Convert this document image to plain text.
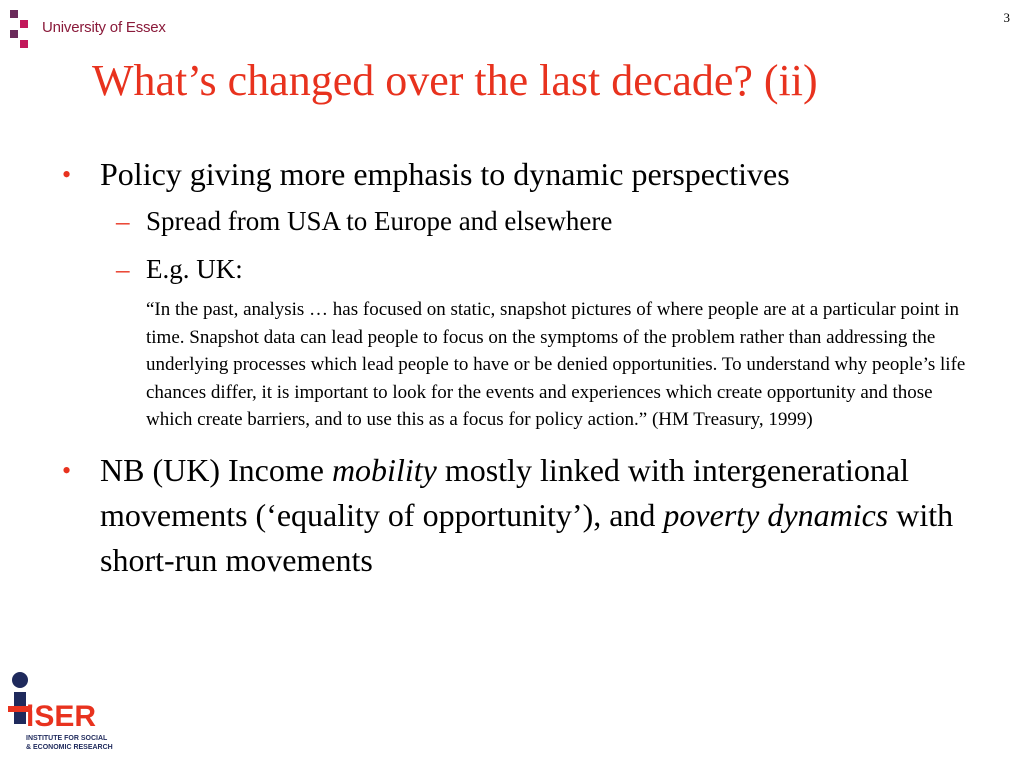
University of Essex
3
What’s changed over the last decade? (ii)
• Policy giving more emphasis to dynamic perspectives
– Spread from USA to Europe and elsewhere
– E.g. UK:
“In the past, analysis … has focused on static, snapshot pictures of where people are at a particular point in time. Snapshot data can lead people to focus on the symptoms of the problem rather than addressing the underlying processes which lead people to have or be denied opportunities. To understand why people’s life chances differ, it is important to look for the events and experiences which create opportunity and those which create barriers, and to use this as a focus for policy action.” (HM Treasury, 1999)
• NB (UK) Income mobility mostly linked with intergenerational movements (‘equality of opportunity’), and poverty dynamics with short-run movements
iSER
INSTITUTE FOR SOCIAL
& ECONOMIC RESEARCH
